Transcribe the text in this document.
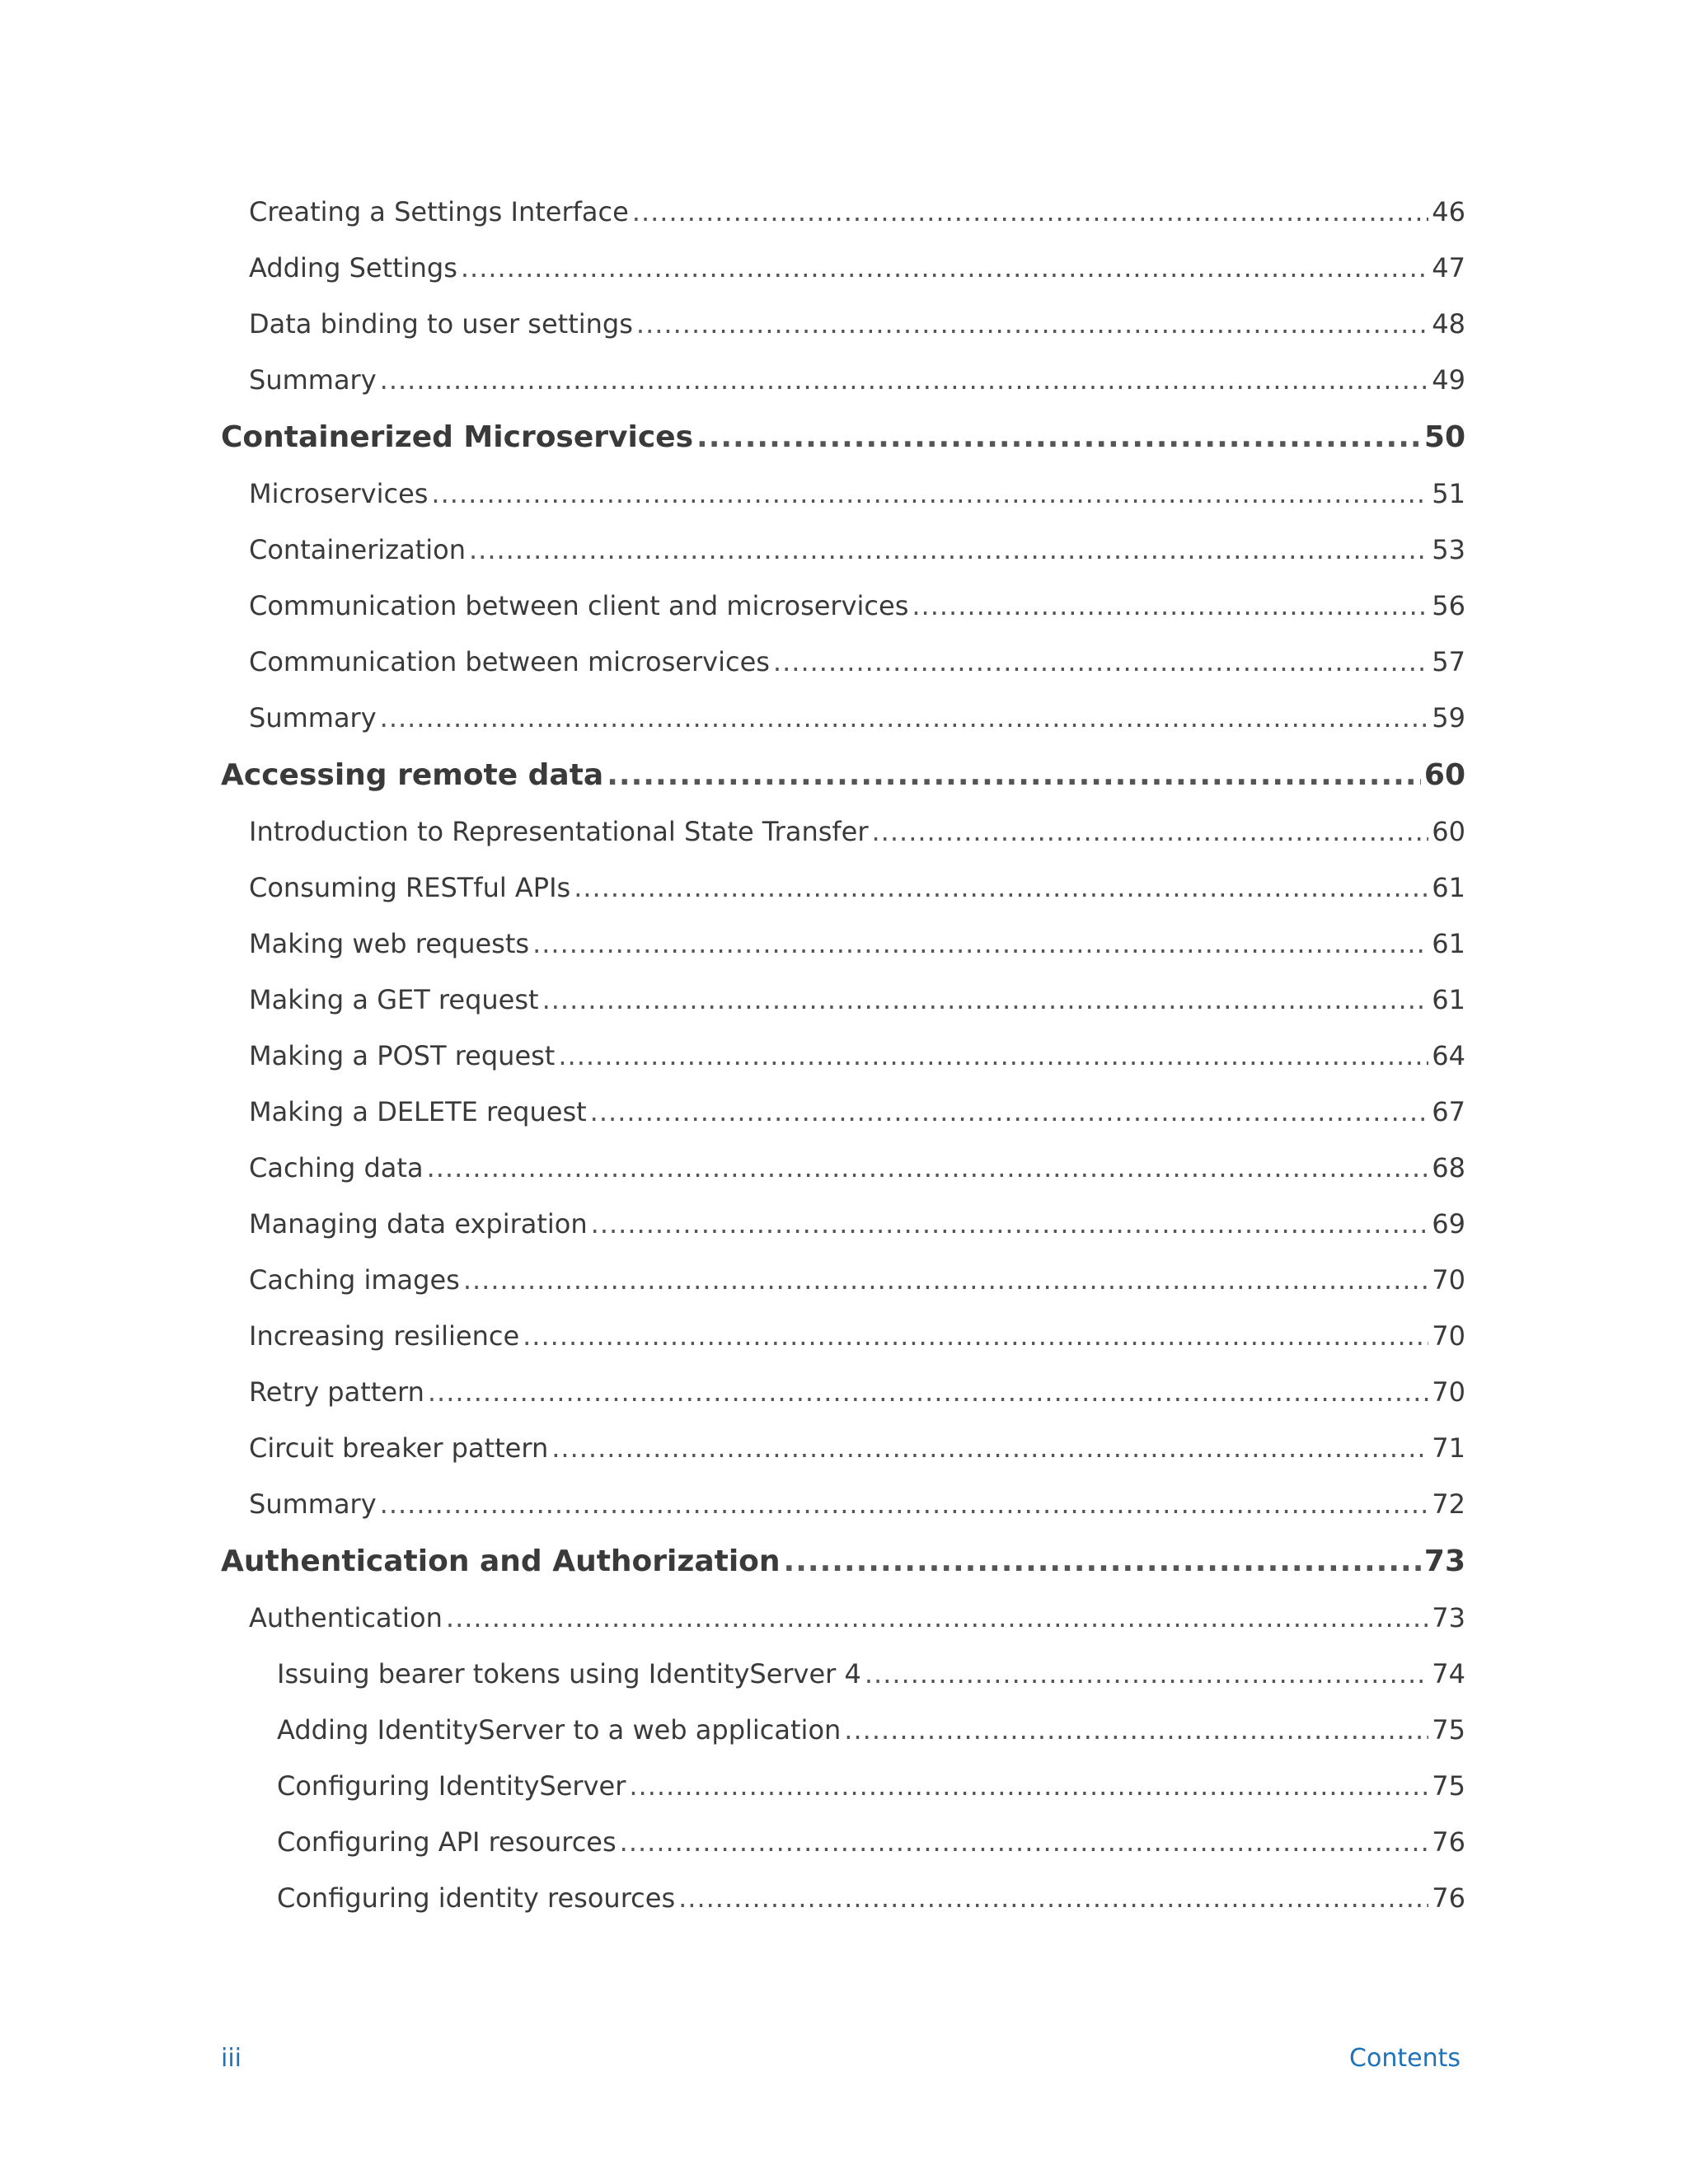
Creating a Settings Interface .....	46
Adding Settings .....	47
Data binding to user settings .....	48
Summary .....	49
Containerized Microservices .....	50
Microservices .....	51
Containerization .....	53
Communication between client and microservices .....	56
Communication between microservices .....	57
Summary .....	59
Accessing remote data .....	60
Introduction to Representational State Transfer .....	60
Consuming RESTful APIs .....	61
Making web requests .....	61
Making a GET request .....	61
Making a POST request .....	64
Making a DELETE request .....	67
Caching data .....	68
Managing data expiration .....	69
Caching images .....	70
Increasing resilience .....	70
Retry pattern .....	70
Circuit breaker pattern .....	71
Summary .....	72
Authentication and Authorization .....	73
Authentication .....	73
Issuing bearer tokens using IdentityServer 4 .....	74
Adding IdentityServer to a web application .....	75
Configuring IdentityServer .....	75
Configuring API resources .....	76
Configuring identity resources .....	76
iii	Contents
